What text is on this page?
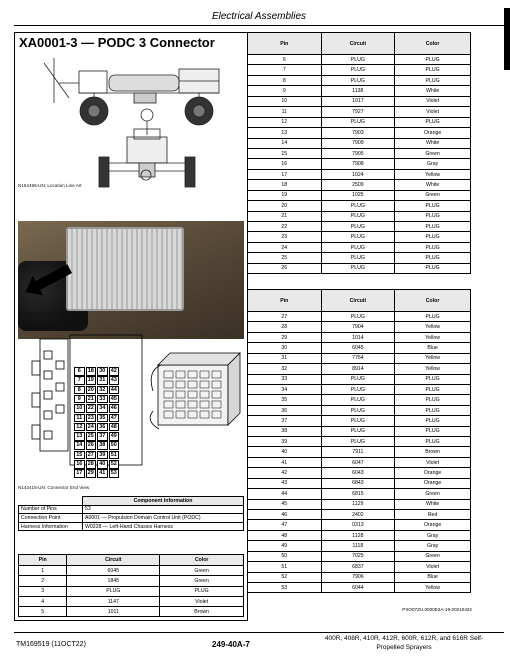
Electrical Assemblies
XA0001-3 — PODC 3 Connector
N154496-UN: Location Line Art
N101163-UN: XA0001-3
6	18 30 42
7	19 31 43
8	20 32 44
9	21 33 45
10 22 34 46
11	23 35 47
12 24 36 48
13 25 37 49
14 26 38 50
15 27 39 51
16 28 40 52
17 29 41 53
N142415-UN: Connector End View
	Component Information
Number of Pins	53
Connection Point	A0001 — Propulsion Domain Control Unit (PODC)
Harness Information	W0228 — Left-Hand Chassis Harness
Pin	Circuit	Color
1	6045	Green
2	1845	Green
3	PLUG	PLUG
4	1147	Violet
5	1011	Brown
Pin	Circuit	Color
6	PLUG	PLUG
7	PLUG	PLUG
8	PLUG	PLUG
9	1138	White
10	1017	Violet
11	7927	Violet
12	PLUG	PLUG
13	7903	Orange
14	7909	White
15	7905	Green
16	7908	Gray
17	1024	Yellow
18	2509	White
19	1025	Green
20	PLUG	PLUG
21	PLUG	PLUG
22	PLUG	PLUG
23	PLUG	PLUG
24	PLUG	PLUG
25	PLUG	PLUG
26	PLUG	PLUG
Pin	Circuit	Color
27	PLUG	PLUG
28	7904	Yellow
29	1014	Yellow
30	6045	Blue
31	7754	Yellow
32	8914	Yellow
33	PLUG	PLUG
34	PLUG	PLUG
35	PLUG	PLUG
36	PLUG	PLUG
37	PLUG	PLUG
38	PLUG	PLUG
39	PLUG	PLUG
40	7911	Brown
41	6047	Violet
42	6043	Orange
43	6843	Orange
44	6815	Green
45	1129	White
46	2402	Red
47	0313	Orange
48	1128	Gray
49	1118	Gray
50	7025	Green
51	6837	Violet
52	7906	Blue
53	6044	Yellow
PXO07ZU,0000E2A-19-20210422
TM169519 (11OCT22)	249-40A-7
400R, 408R, 410R, 412R, 600R, 612R, and 616R Self-
Propelled Sprayers
